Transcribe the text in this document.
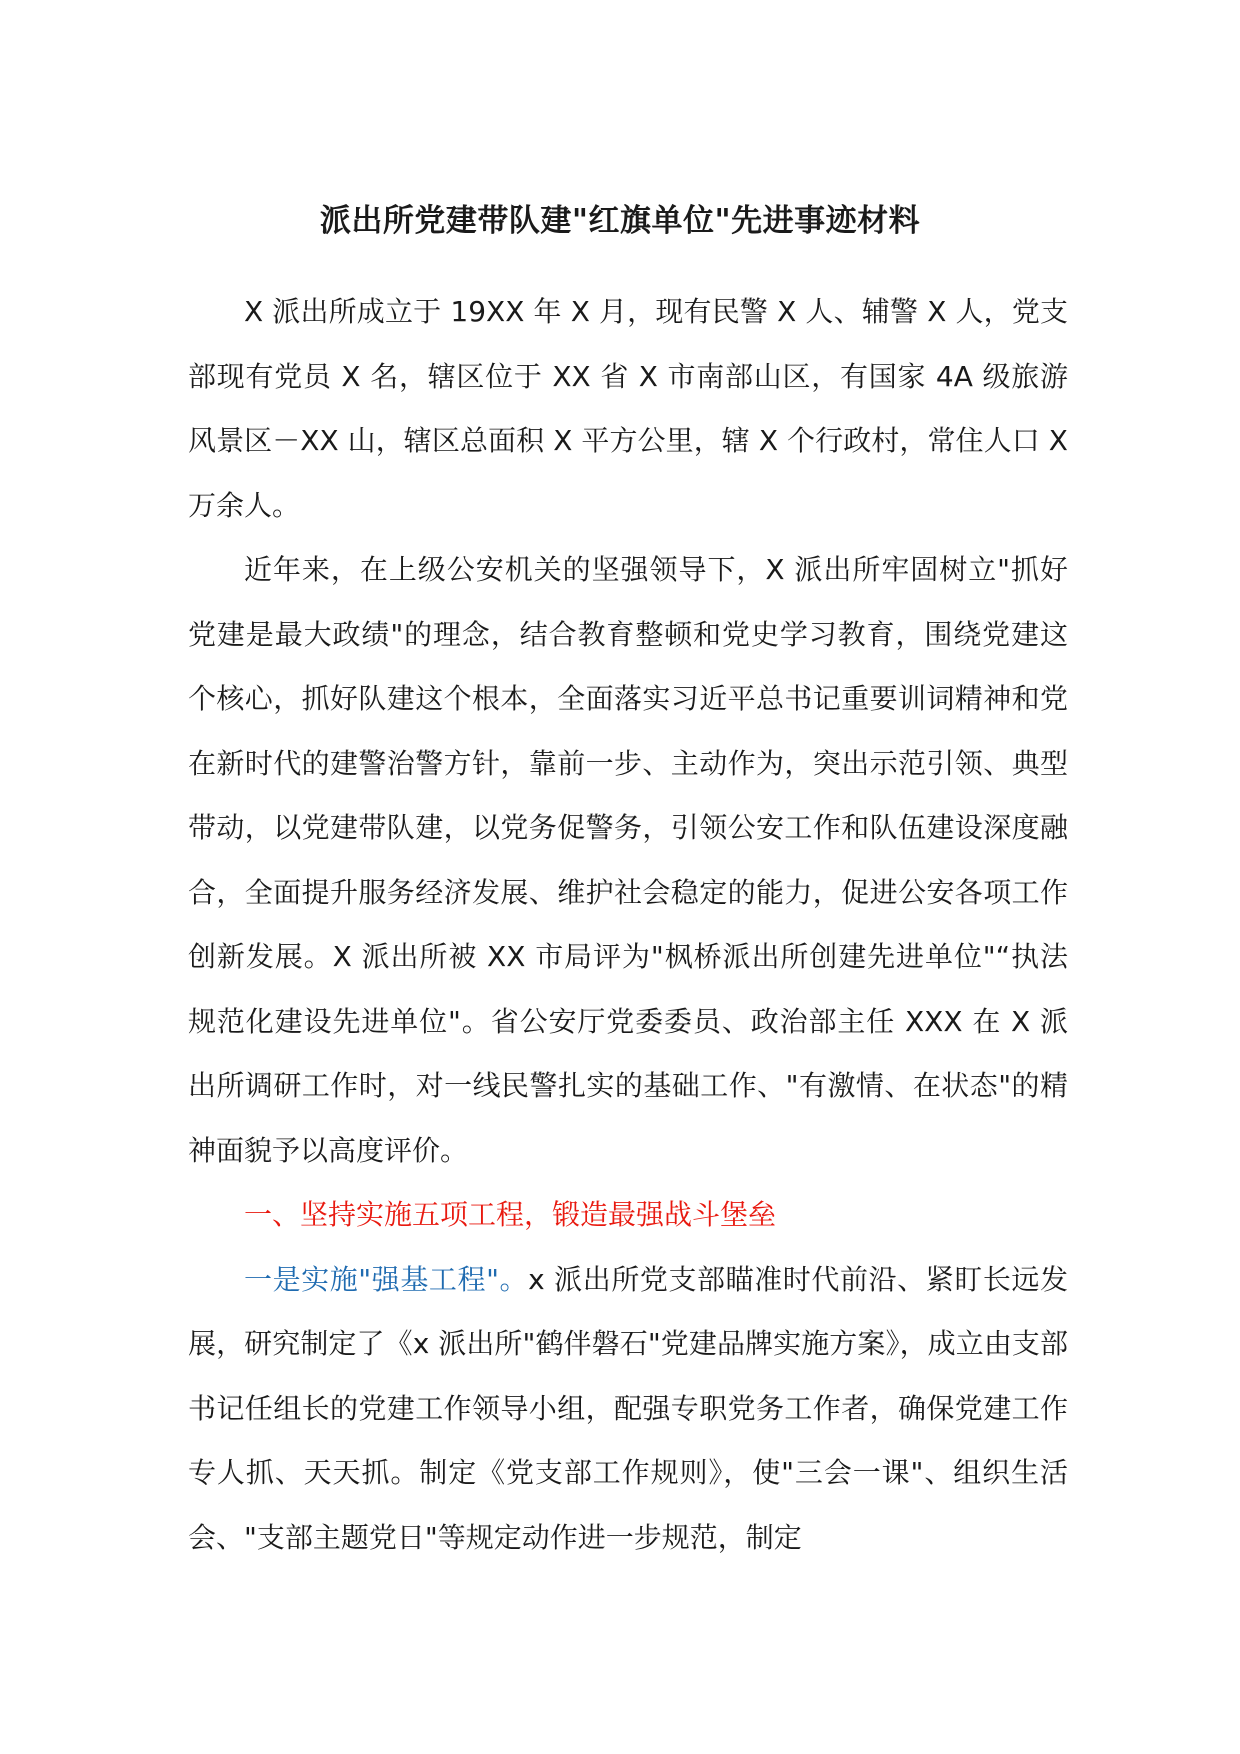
派出所党建带队建"红旗单位"先进事迹材料

X 派出所成立于 19XX 年 X 月，现有民警 X 人、辅警 X 人，党支部现有党员 X 名，辖区位于 XX 省 X 市南部山区，有国家 4A 级旅游风景区－XX 山，辖区总面积 X 平方公里，辖 X 个行政村，常住人口 X 万余人。

近年来，在上级公安机关的坚强领导下，X 派出所牢固树立"抓好党建是最大政绩"的理念，结合教育整顿和党史学习教育，围绕党建这个核心，抓好队建这个根本，全面落实习近平总书记重要训词精神和党在新时代的建警治警方针，靠前一步、主动作为，突出示范引领、典型带动，以党建带队建，以党务促警务，引领公安工作和队伍建设深度融合，全面提升服务经济发展、维护社会稳定的能力，促进公安各项工作创新发展。X 派出所被 XX 市局评为"枫桥派出所创建先进单位"“执法规范化建设先进单位"。省公安厅党委委员、政治部主任 XXX 在 X 派出所调研工作时，对一线民警扎实的基础工作、"有激情、在状态"的精神面貌予以高度评价。

一、坚持实施五项工程，锻造最强战斗堡垒

一是实施"强基工程"。x 派出所党支部瞄准时代前沿、紧盯长远发展，研究制定了《x 派出所"鹤伴磐石"党建品牌实施方案》，成立由支部书记任组长的党建工作领导小组，配强专职党务工作者，确保党建工作专人抓、天天抓。制定《党支部工作规则》，使"三会一课"、组织生活会、"支部主题党日"等规定动作进一步规范，制定
